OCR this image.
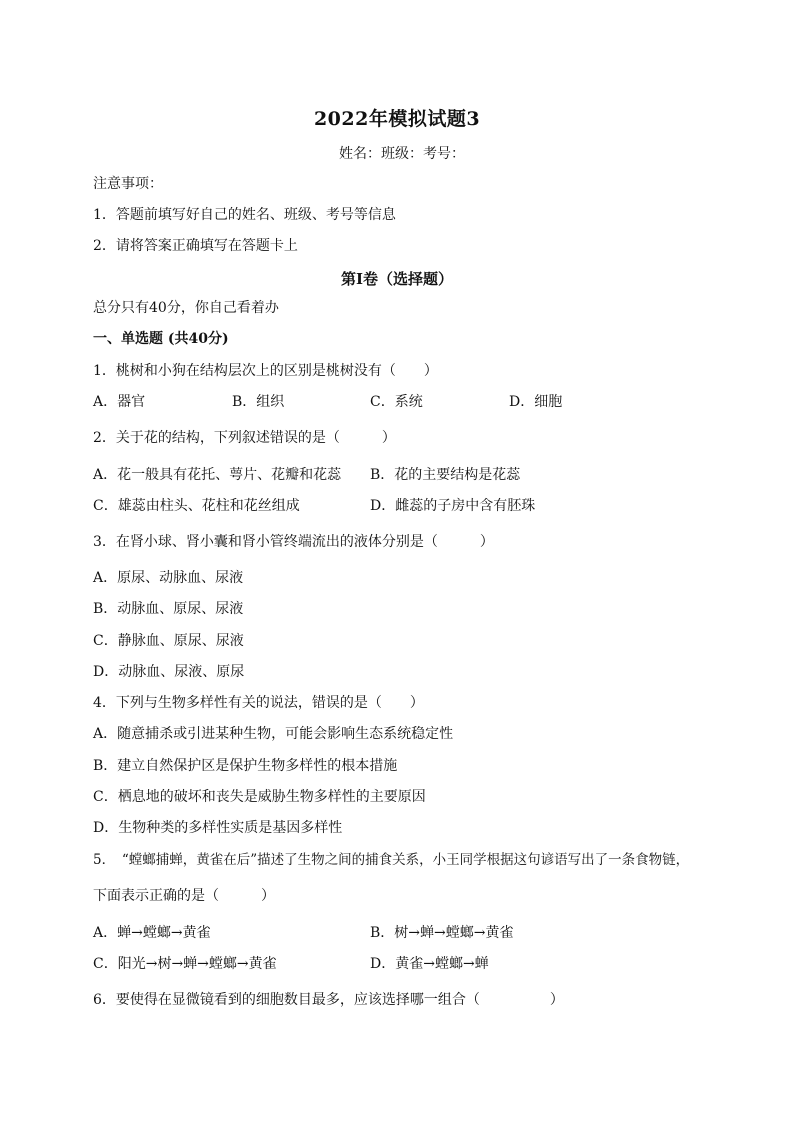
2022年模拟试题3
姓名：班级：考号：
注意事项：
1．答题前填写好自己的姓名、班级、考号等信息
2．请将答案正确填写在答题卡上
第I卷（选择题）
总分只有40分，你自己看着办
一、单选题 (共40分)
1．桃树和小狗在结构层次上的区别是桃树没有（　　）
A．器官	B．组织	C．系统	D．细胞
2．关于花的结构，下列叙述错误的是（　　　）
A．花一般具有花托、萼片、花瓣和花蕊 B．花的主要结构是花蕊
C．雄蕊由柱头、花柱和花丝组成	D．雌蕊的子房中含有胚珠
3．在肾小球、肾小囊和肾小管终端流出的液体分别是（　　　）
A．原尿、动脉血、尿液
B．动脉血、原尿、尿液
C．静脉血、原尿、尿液
D．动脉血、尿液、原尿
4．下列与生物多样性有关的说法，错误的是（　　）
A．随意捕杀或引进某种生物，可能会影响生态系统稳定性
B．建立自然保护区是保护生物多样性的根本措施
C．栖息地的破坏和丧失是威胁生物多样性的主要原因
D．生物种类的多样性实质是基因多样性
5．　“螳螂捕蝉，黄雀在后”描述了生物之间的捕食关系，小王同学根据这句谚语写出了一条食物链，
下面表示正确的是（　　　）
A．蝉→螳螂→黄雀	B．树→蝉→螳螂→黄雀
C．阳光→树→蝉→螳螂→黄雀	D．黄雀→螳螂→蝉
6．要使得在显微镜看到的细胞数目最多，应该选择哪一组合（　　　　　）
